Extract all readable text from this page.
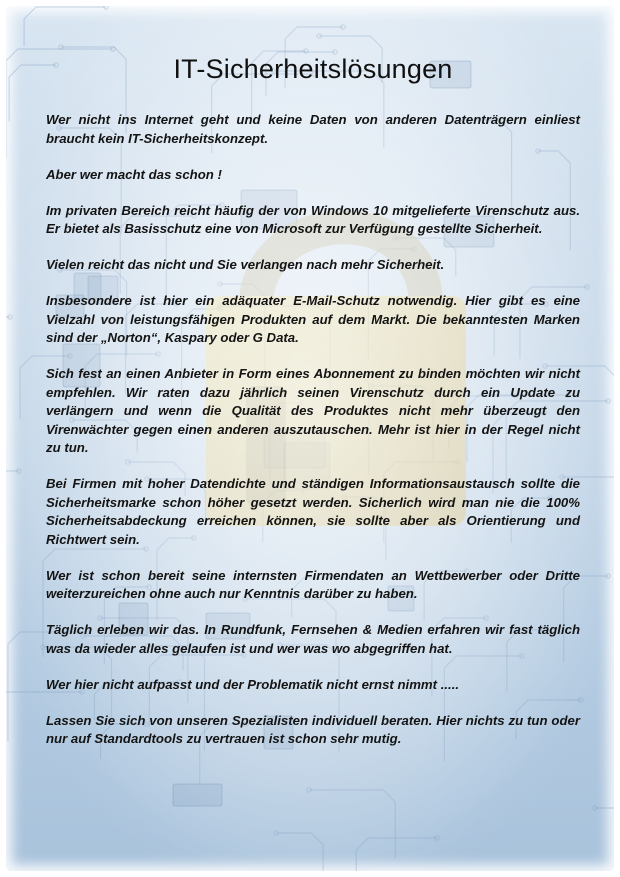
IT-Sicherheitslösungen

Wer nicht ins Internet geht und keine Daten von anderen Datenträgern einliest braucht kein IT-Sicherheitskonzept.

Aber wer macht das schon !

Im privaten Bereich reicht häufig der von Windows 10 mitgelieferte Virenschutz aus. Er bietet als Basisschutz eine von Microsoft zur Verfügung gestellte Sicherheit.

Vielen reicht das nicht und Sie verlangen nach mehr Sicherheit.

Insbesondere ist hier ein adäquater E-Mail-Schutz notwendig. Hier gibt es eine Vielzahl von leistungsfähigen Produkten auf dem Markt. Die bekanntesten Marken sind der „Norton“, Kaspary oder G Data.

Sich fest an einen Anbieter in Form eines Abonnement zu binden möchten wir nicht empfehlen. Wir raten dazu jährlich seinen Virenschutz durch ein Update zu verlängern und wenn die Qualität des Produktes nicht mehr überzeugt den Virenwächter gegen einen anderen auszutauschen. Mehr ist hier in der Regel nicht zu tun.

Bei Firmen mit hoher Datendichte und ständigen Informationsaustausch sollte die Sicherheitsmarke schon höher gesetzt werden. Sicherlich wird man nie die 100% Sicherheitsabdeckung erreichen können, sie sollte aber als Orientierung und Richtwert sein.

Wer ist schon bereit seine internsten Firmendaten an Wettbewerber oder Dritte weiterzureichen ohne auch nur Kenntnis darüber zu haben.

Täglich erleben wir das. In Rundfunk, Fernsehen & Medien erfahren wir fast täglich was da wieder alles gelaufen ist und wer was wo abgegriffen hat.

Wer hier nicht aufpasst und der Problematik nicht ernst nimmt .....

Lassen Sie sich von unseren Spezialisten individuell beraten. Hier nichts zu tun oder nur auf Standardtools zu vertrauen ist schon sehr mutig.
